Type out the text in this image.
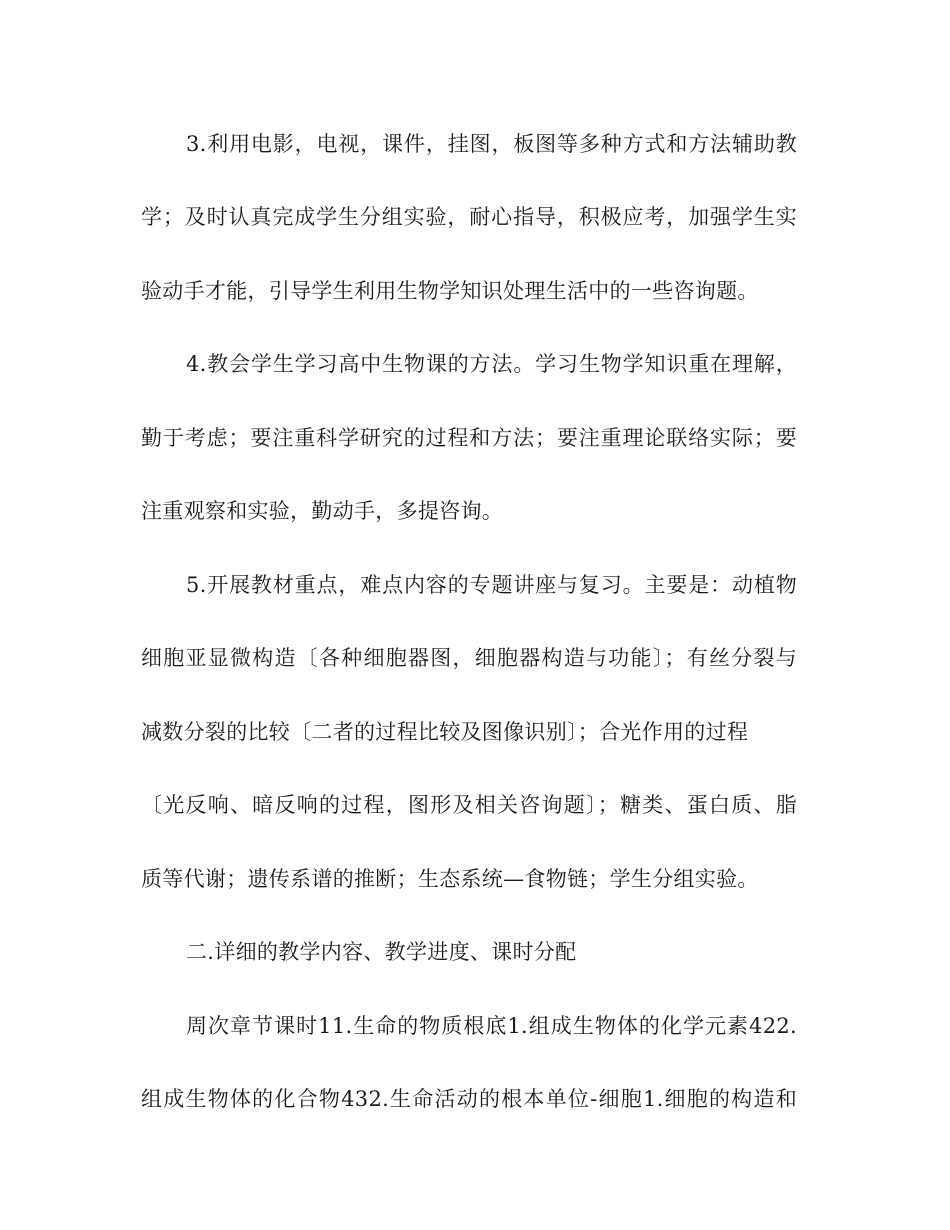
3.利用电影，电视，课件，挂图，板图等多种方式和方法辅助教
学；及时认真完成学生分组实验，耐心指导，积极应考，加强学生实
验动手才能，引导学生利用生物学知识处理生活中的一些咨询题。
4.教会学生学习高中生物课的方法。学习生物学知识重在理解，
勤于考虑；要注重科学研究的过程和方法；要注重理论联络实际；要
注重观察和实验，勤动手，多提咨询。
5.开展教材重点，难点内容的专题讲座与复习。主要是：动植物
细胞亚显微构造〔各种细胞器图，细胞器构造与功能〕；有丝分裂与
减数分裂的比较〔二者的过程比较及图像识别〕；合光作用的过程
〔光反响、暗反响的过程，图形及相关咨询题〕；糖类、蛋白质、脂
质等代谢；遗传系谱的推断；生态系统—食物链；学生分组实验。
二.详细的教学内容、教学进度、课时分配
周次章节课时11.生命的物质根底1.组成生物体的化学元素422.
组成生物体的化合物432.生命活动的根本单位-细胞1.细胞的构造和
